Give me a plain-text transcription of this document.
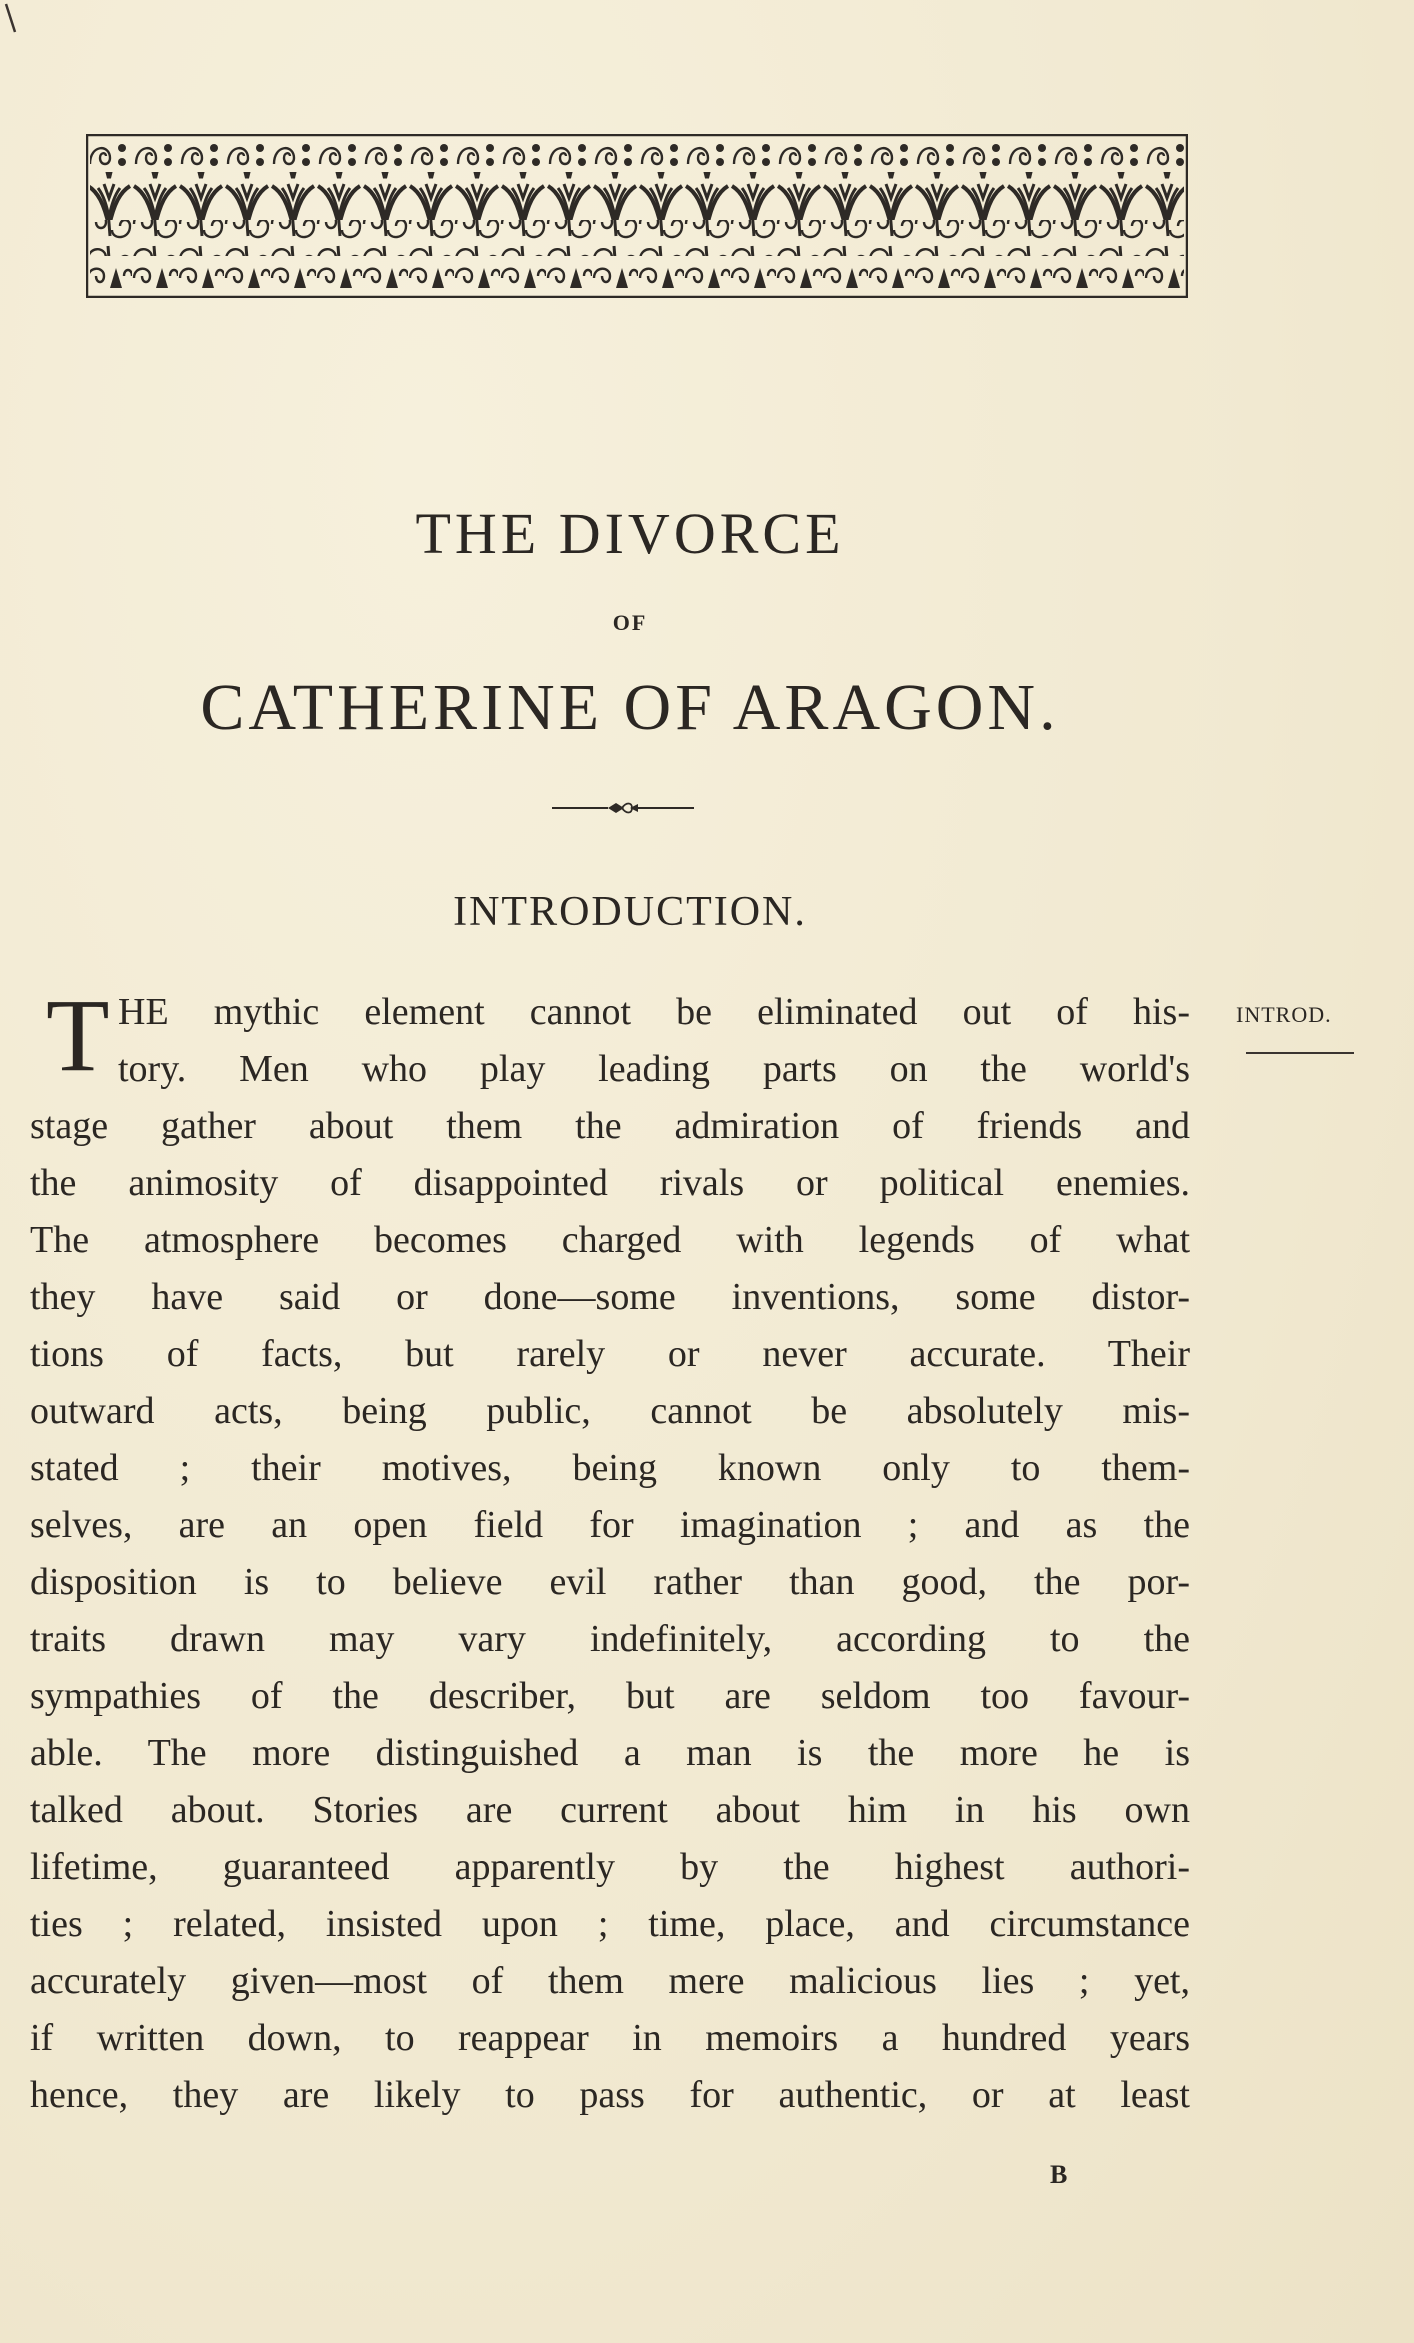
THE DIVORCE
OF
CATHERINE OF ARAGON.
INTRODUCTION.
INTROD.
T HE mythic element cannot be eliminated out of his-
tory. Men who play leading parts on the world's
stage gather about them the admiration of friends and
the animosity of disappointed rivals or political enemies.
The atmosphere becomes charged with legends of what
they have said or done—some inventions, some distor-
tions of facts, but rarely or never accurate. Their
outward acts, being public, cannot be absolutely mis-
stated ; their motives, being known only to them-
selves, are an open field for imagination ; and as the
disposition is to believe evil rather than good, the por-
traits drawn may vary indefinitely, according to the
sympathies of the describer, but are seldom too favour-
able. The more distinguished a man is the more he is
talked about. Stories are current about him in his own
lifetime, guaranteed apparently by the highest authori-
ties ; related, insisted upon ; time, place, and circumstance
accurately given—most of them mere malicious lies ; yet,
if written down, to reappear in memoirs a hundred years
hence, they are likely to pass for authentic, or at least
B
